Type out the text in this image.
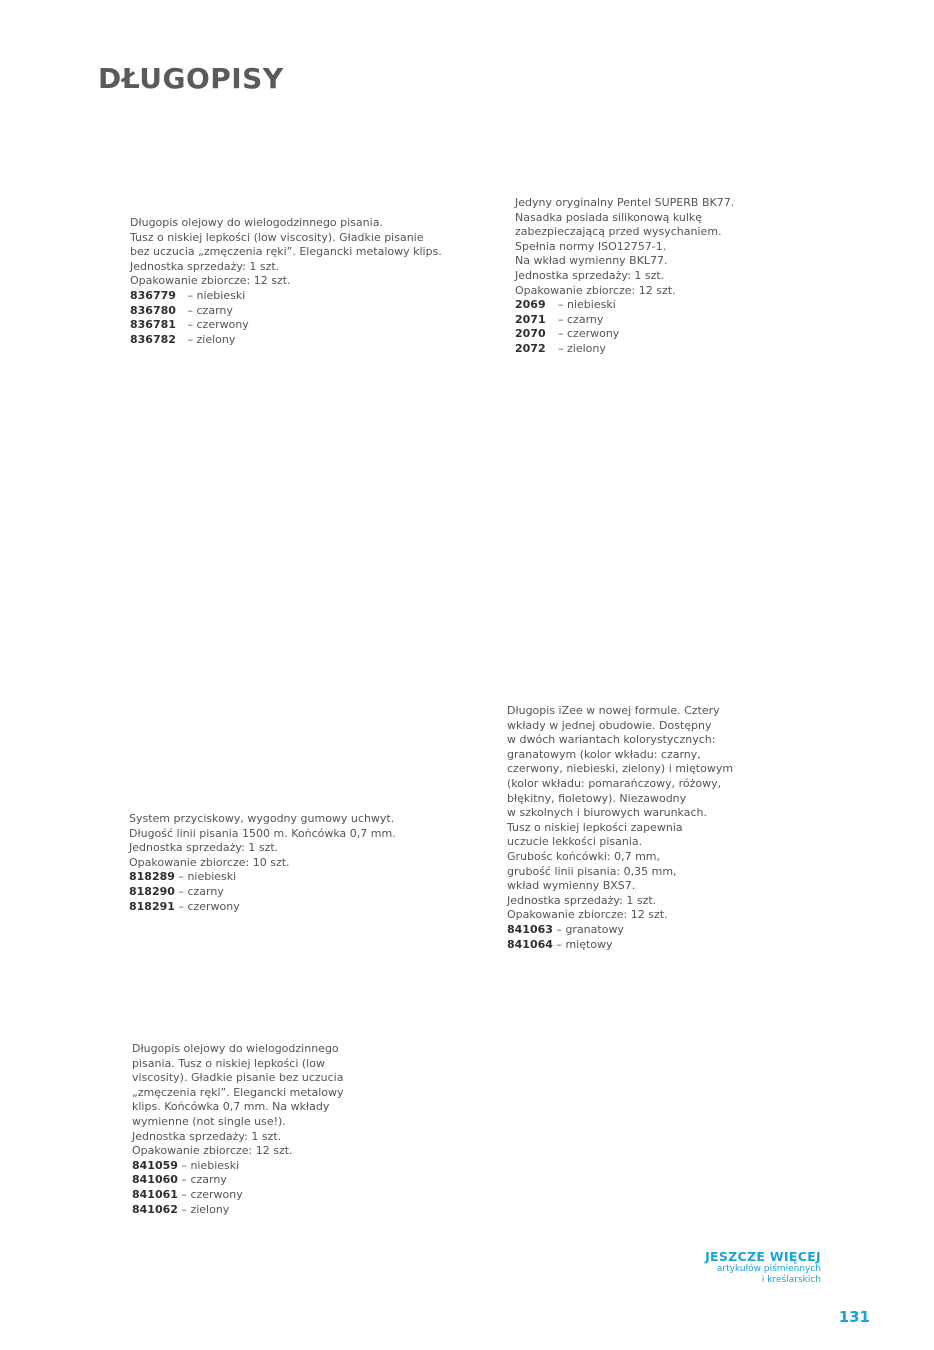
DŁUGOPISY
Długopis olejowy do wielogodzinnego pisania.
Tusz o niskiej lepkości (low viscosity). Gładkie pisanie
bez uczucia „zmęczenia ręki”. Elegancki metalowy klips.
Jednostka sprzedaży: 1 szt.
Opakowanie zbiorcze: 12 szt.
836779 – niebieski
836780 – czarny
836781 – czerwony
836782 – zielony
Jedyny oryginalny Pentel SUPERB BK77.
Nasadka posiada silikonową kulkę
zabezpieczającą przed wysychaniem.
Spełnia normy ISO12757-1.
Na wkład wymienny BKL77.
Jednostka sprzedaży: 1 szt.
Opakowanie zbiorcze: 12 szt.
2069 – niebieski
2071 – czarny
2070 – czerwony
2072 – zielony
System przyciskowy, wygodny gumowy uchwyt.
Długość linii pisania 1500 m. Końcówka 0,7 mm.
Jednostka sprzedaży: 1 szt.
Opakowanie zbiorcze: 10 szt.
818289 – niebieski
818290 – czarny
818291 – czerwony
Długopis iZee w nowej formule. Cztery
wkłady w jednej obudowie. Dostępny
w dwóch wariantach kolorystycznych:
granatowym (kolor wkładu: czarny,
czerwony, niebieski, zielony) i miętowym
(kolor wkładu: pomarańczowy, różowy,
błękitny, fioletowy). Niezawodny
w szkolnych i biurowych warunkach.
Tusz o niskiej lepkości zapewnia
uczucie lekkości pisania.
Grubośc końcówki: 0,7 mm,
grubość linii pisania: 0,35 mm,
wkład wymienny BXS7.
Jednostka sprzedaży: 1 szt.
Opakowanie zbiorcze: 12 szt.
841063 – granatowy
841064 – miętowy
Długopis olejowy do wielogodzinnego
pisania. Tusz o niskiej lepkości (low
viscosity). Gładkie pisanie bez uczucia
„zmęczenia ręki”. Elegancki metalowy
klips. Końcówka 0,7 mm. Na wkłady
wymienne (not single use!).
Jednostka sprzedaży: 1 szt.
Opakowanie zbiorcze: 12 szt.
841059 – niebieski
841060 – czarny
841061 – czerwony
841062 – zielony
JESZCZE WIĘCEJ
artykułów piśmiennych
i kreślarskich
131
